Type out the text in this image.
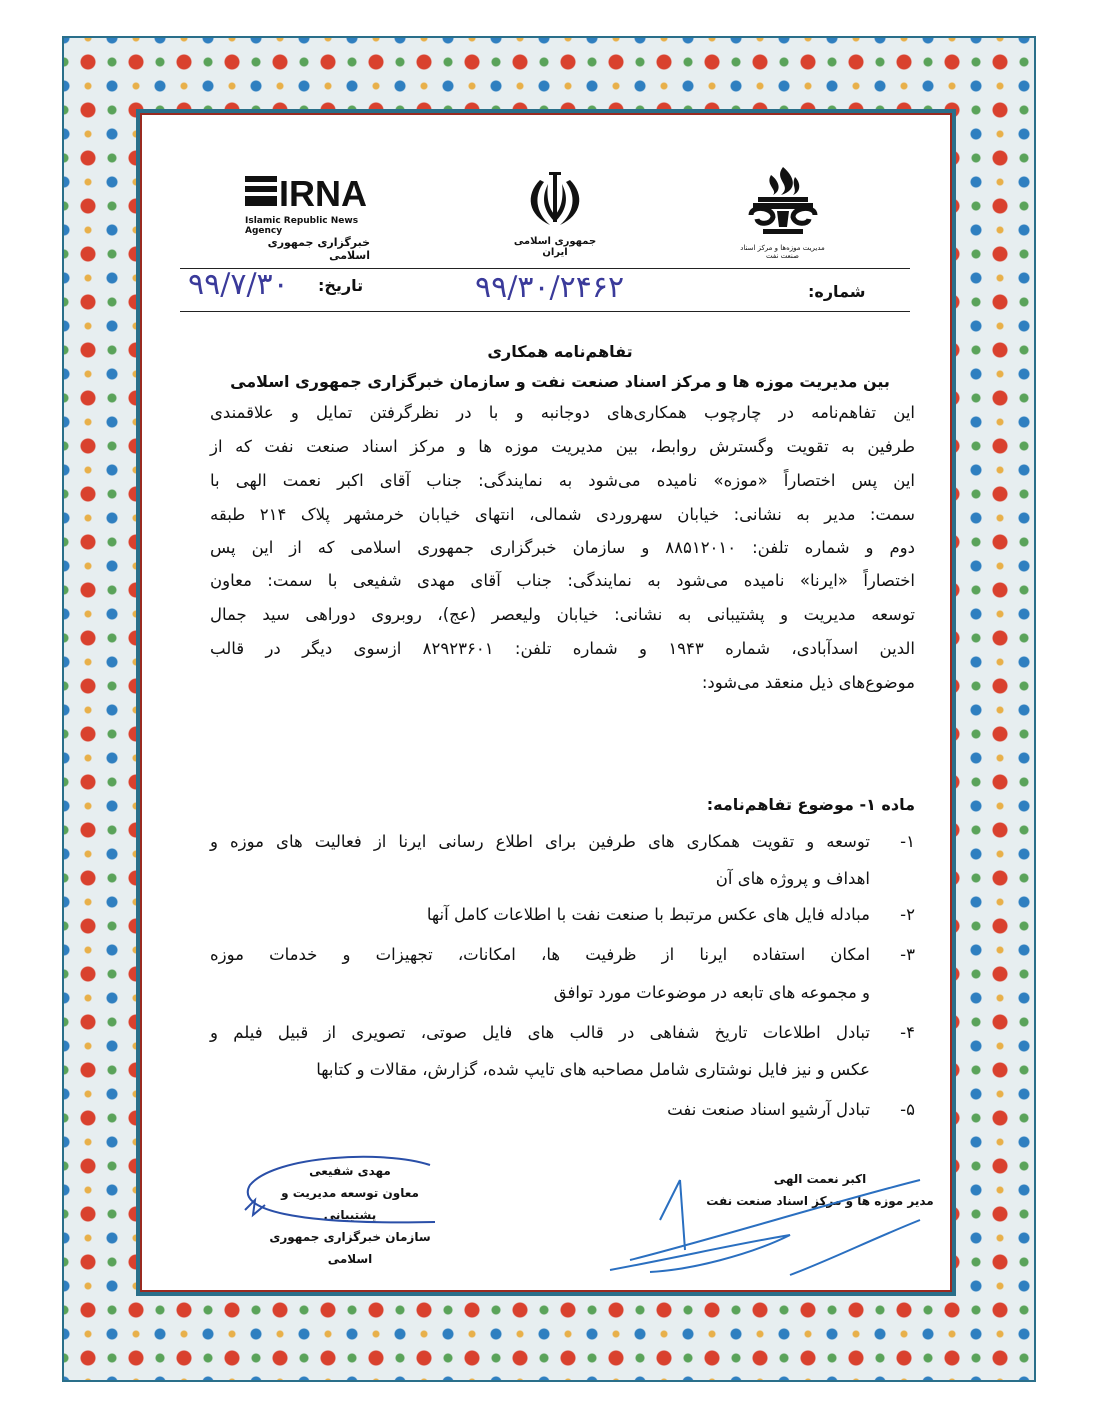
IRNA
Islamic Republic News Agency
خبرگزاری جمهوری اسلامی
جمهوری اسلامی ایران	مدیریت موزه‌ها و مرکز اسناد صنعت نفت
شماره:
۹۹/۳۰/۲۴۶۲
تاریخ:
۹۹/۷/۳۰
تفاهم‌نامه همکاری
بین مدیریت موزه ها و مرکز اسناد صنعت نفت و سازمان خبرگزاری جمهوری اسلامی
این تفاهم‌نامه در چارچوب همکاری‌های دوجانبه و با در نظرگرفتن تمایل و علاقمندی
طرفین به تقویت وگسترش روابط، بین مدیریت موزه ها و مرکز اسناد صنعت نفت که از
این پس اختصاراً «موزه» نامیده می‌شود به نمایندگی: جناب آقای اکبر نعمت الهی با
سمت: مدیر به نشانی: خیابان سهروردی شمالی، انتهای خیابان خرمشهر پلاک ۲۱۴ طبقه
دوم و شماره تلفن: ۸۸۵۱۲۰۱۰ و سازمان خبرگزاری جمهوری اسلامی که از این پس
اختصاراً «ایرنا» نامیده می‌شود به نمایندگی: جناب آقای مهدی شفیعی با سمت: معاون
توسعه مدیریت و پشتیبانی به نشانی: خیابان ولیعصر (عج)، روبروی دوراهی سید جمال
الدین اسدآبادی، شماره ۱۹۴۳ و شماره تلفن: ۸۲۹۲۳۶۰۱ ازسوی دیگر در قالب
موضوع‌های ذیل منعقد می‌شود:
ماده ۱- موضوع تفاهم‌نامه:
۱-
توسعه و تقویت همکاری های طرفین برای اطلاع رسانی ایرنا از فعالیت های موزه و
اهداف و پروژه های آن
۲-
مبادله فایل های عکس مرتبط با صنعت نفت با اطلاعات کامل آنها
۳-
امکان استفاده ایرنا از ظرفیت ها، امکانات، تجهیزات و خدمات موزه
و مجموعه های تابعه در موضوعات مورد توافق
۴-
تبادل اطلاعات تاریخ شفاهی در قالب های فایل صوتی، تصویری از قبیل فیلم و
عکس و نیز فایل نوشتاری شامل مصاحبه های تایپ شده، گزارش، مقالات و کتابها
۵-
تبادل آرشیو اسناد صنعت نفت
مهدی شفیعی
معاون توسعه مدیریت و پشتیبانی
سازمان خبرگزاری جمهوری اسلامی
اکبر نعمت الهی
مدیر موزه ها و مرکز اسناد صنعت نفت
